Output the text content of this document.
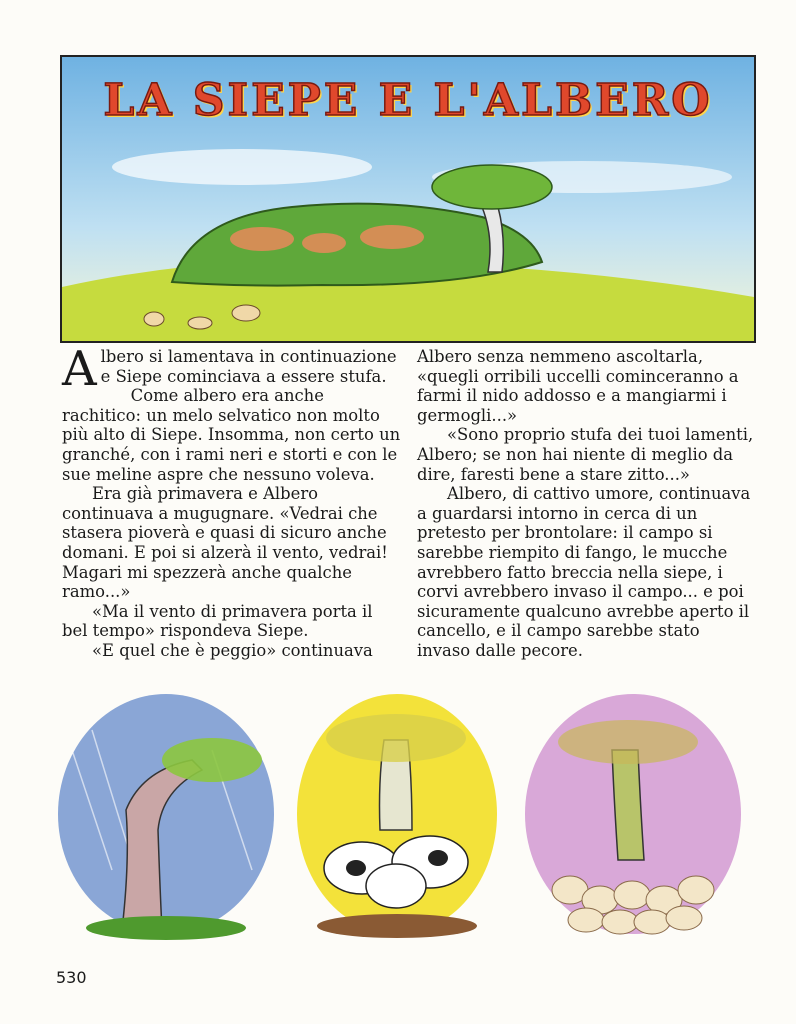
LA SIEPE E L'ALBERO

Albero si lamentava in continuazione e Siepe cominciava a essere stufa.

Come albero era anche rachitico: un melo selvatico non molto più alto di Siepe. Insomma, non certo un granché, con i rami neri e storti e con le sue meline aspre che nessuno voleva.

Era già primavera e Albero continuava a mugugnare. «Vedrai che stasera pioverà e quasi di sicuro anche domani. E poi si alzerà il vento, vedrai! Magari mi spezzerà anche qualche ramo...»

«Ma il vento di primavera porta il bel tempo» rispondeva Siepe.

«E quel che è peggio» continuava

Albero senza nemmeno ascoltarla, «quegli orribili uccelli cominceranno a farmi il nido addosso e a mangiarmi i germogli...»

«Sono proprio stufa dei tuoi lamenti, Albero; se non hai niente di meglio da dire, faresti bene a stare zitto...»

Albero, di cattivo umore, continuava a guardarsi intorno in cerca di un pretesto per brontolare: il campo si sarebbe riempito di fango, le mucche avrebbero fatto breccia nella siepe, i corvi avrebbero invaso il campo... e poi sicuramente qualcuno avrebbe aperto il cancello, e il campo sarebbe stato invaso dalle pecore.

530
